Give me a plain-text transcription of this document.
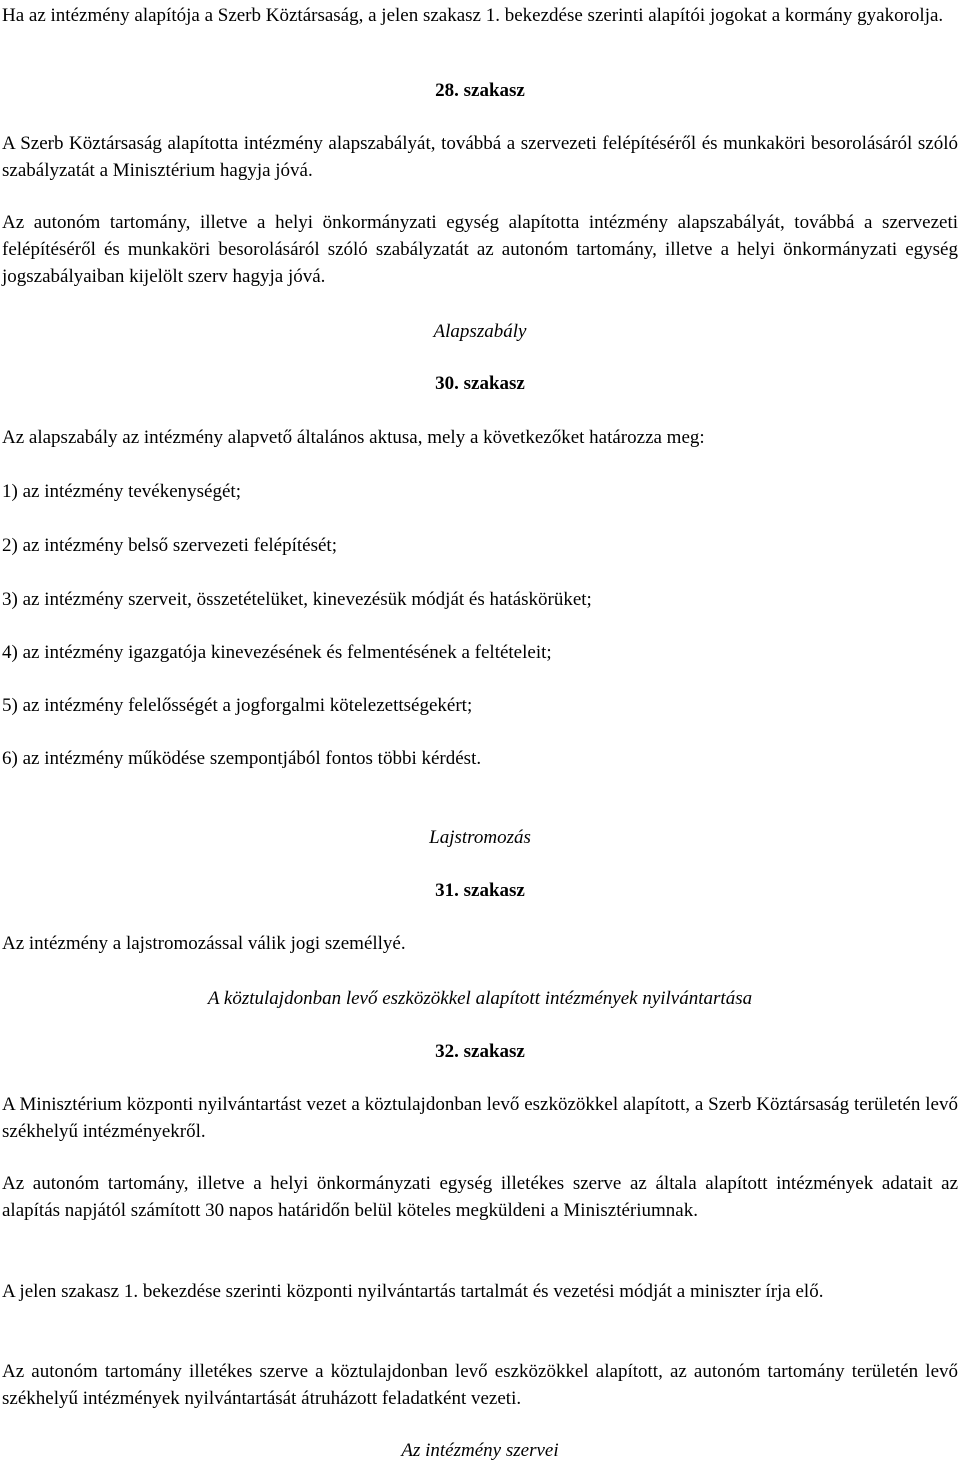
Ha az intézmény alapítója a Szerb Köztársaság, a jelen szakasz 1. bekezdése szerinti alapítói jogokat a kormány gyakorolja.

28. szakasz

A Szerb Köztársaság alapította intézmény alapszabályát, továbbá a szervezeti felépítéséről és munkaköri besorolásáról szóló szabályzatát a Minisztérium hagyja jóvá.

Az autonóm tartomány, illetve a helyi önkormányzati egység alapította intézmény alapszabályát, továbbá a szervezeti felépítéséről és munkaköri besorolásáról szóló szabályzatát az autonóm tartomány, illetve a helyi önkormányzati egység jogszabályaiban kijelölt szerv hagyja jóvá.

Alapszabály
30. szakasz

Az alapszabály az intézmény alapvető általános aktusa, mely a következőket határozza meg:

1) az intézmény tevékenységét;
2) az intézmény belső szervezeti felépítését;
3) az intézmény szerveit, összetételüket, kinevezésük módját és hatáskörüket;
4) az intézmény igazgatója kinevezésének és felmentésének a feltételeit;
5) az intézmény felelősségét a jogforgalmi kötelezettségekért;
6) az intézmény működése szempontjából fontos többi kérdést.
Lajstromozás
31. szakasz

Az intézmény a lajstromozással válik jogi személlyé.

A köztulajdonban levő eszközökkel alapított intézmények nyilvántartása
32. szakasz

A Minisztérium központi nyilvántartást vezet a köztulajdonban levő eszközökkel alapított, a Szerb Köztársaság területén levő székhelyű intézményekről.

Az autonóm tartomány, illetve a helyi önkormányzati egység illetékes szerve az általa alapított intézmények adatait az alapítás napjától számított 30 napos határidőn belül köteles megküldeni a Minisztériumnak.

A jelen szakasz 1. bekezdése szerinti központi nyilvántartás tartalmát és vezetési módját a miniszter írja elő.

Az autonóm tartomány illetékes szerve a köztulajdonban levő eszközökkel alapított, az autonóm tartomány területén levő székhelyű intézmények nyilvántartását átruházott feladatként vezeti.

Az intézmény szervei
